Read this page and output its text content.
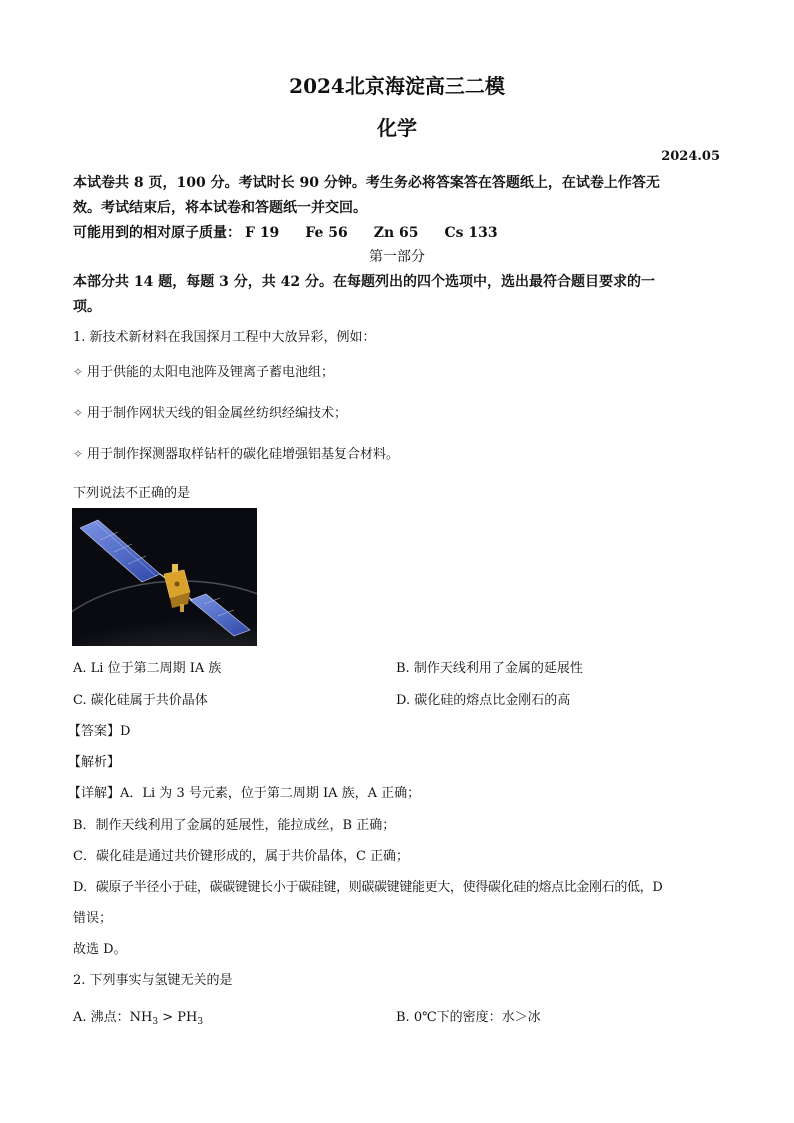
2024北京海淀高三二模
化学
2024.05
本试卷共 8 页，100 分。考试时长 90 分钟。考生务必将答案答在答题纸上，在试卷上作答无
效。考试结束后，将本试卷和答题纸一并交回。
可能用到的相对原子质量： F 19 Fe 56 Zn 65 Cs 133
第一部分
本部分共 14 题，每题 3 分，共 42 分。在每题列出的四个选项中，选出最符合题目要求的一
项。
1. 新技术新材料在我国探月工程中大放异彩，例如：
✧ 用于供能的太阳电池阵及锂离子蓄电池组；
✧ 用于制作网状天线的钼金属丝纺织经编技术；
✧ 用于制作探测器取样钻杆的碳化硅增强铝基复合材料。
下列说法不正确的是
A. Li 位于第二周期 IA 族	B. 制作天线利用了金属的延展性
C. 碳化硅属于共价晶体	D. 碳化硅的熔点比金刚石的高
【答案】D
【解析】
【详解】A．Li 为 3 号元素，位于第二周期 IA 族，A 正确；
B．制作天线利用了金属的延展性，能拉成丝，B 正确；
C．碳化硅是通过共价键形成的，属于共价晶体，C 正确；
D．碳原子半径小于硅，碳碳键键长小于碳硅键，则碳碳键键能更大，使得碳化硅的熔点比金刚石的低，D
错误；
故选 D。
2. 下列事实与氢键无关的是
A. 沸点：$NH_3 > PH_3$	B. 0℃下的密度：水＞冰
